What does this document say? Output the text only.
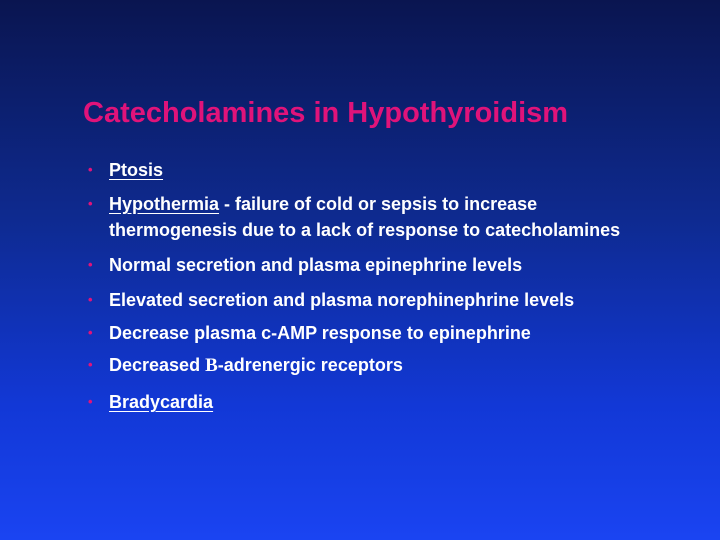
Catecholamines in Hypothyroidism
• Ptosis
• Hypothermia - failure of cold or sepsis to increase thermogenesis due to a lack of response to catecholamines
• Normal secretion and plasma epinephrine levels
• Elevated secretion and plasma norephinephrine levels
• Decrease plasma c-AMP response to epinephrine
• Decreased B-adrenergic receptors
• Bradycardia
